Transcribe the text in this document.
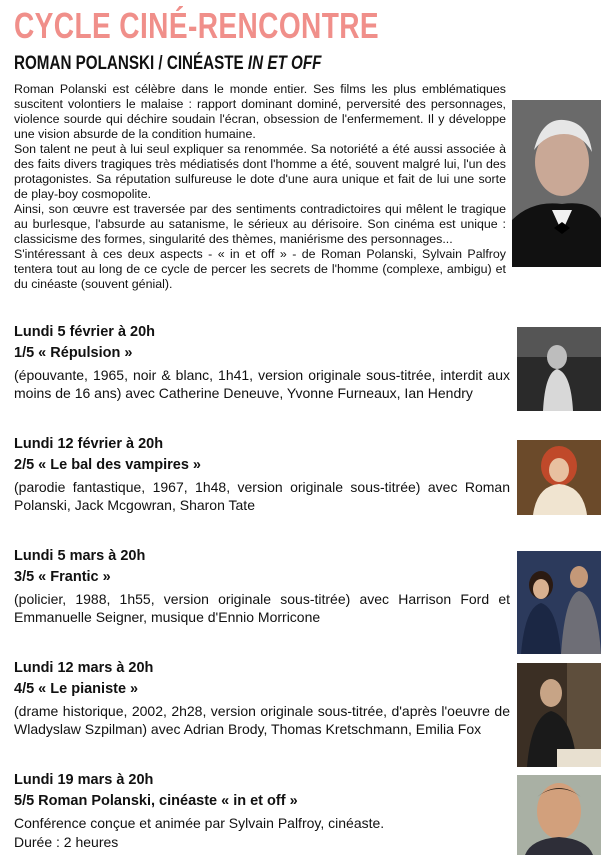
CYCLE CINÉ-RENCONTRE
ROMAN POLANSKI / CINÉASTE IN ET OFF

Roman Polanski est célèbre dans le monde entier. Ses films les plus emblématiques suscitent volontiers le malaise : rapport dominant dominé, perversité des personnages, violence sourde qui déchire soudain l'écran, obsession de l'enfermement. Il y développe une vision absurde de la condition humaine.

Son talent ne peut à lui seul expliquer sa renommée. Sa notoriété a été aussi associée à des faits divers tragiques très médiatisés dont l'homme a été, souvent malgré lui, l'un des protagonistes. Sa réputation sulfureuse le dote d'une aura unique et fait de lui une sorte de play-boy cosmopolite.

Ainsi, son œuvre est traversée par des sentiments contradictoires qui mêlent le tragique au burlesque, l'absurde au satanisme, le sérieux au dérisoire. Son cinéma est unique : classicisme des formes, singularité des thèmes, maniérisme des personnages...

S'intéressant à ces deux aspects - « in et off » - de Roman Polanski, Sylvain Palfroy tentera tout au long de ce cycle de percer les secrets de l'homme (complexe, ambigu) et du cinéaste (souvent génial).

Lundi 5 février à 20h
1/5 « Répulsion »
(épouvante, 1965, noir & blanc, 1h41, version originale sous-titrée, interdit aux moins de 16 ans) avec Catherine Deneuve, Yvonne Furneaux, Ian Hendry
Lundi 12 février à 20h
2/5 « Le bal des vampires »
(parodie fantastique, 1967, 1h48, version originale sous-titrée) avec Roman Polanski, Jack Mcgowran, Sharon Tate
Lundi 5 mars à 20h
3/5 « Frantic »
(policier, 1988, 1h55, version originale sous-titrée) avec Harrison Ford et Emmanuelle Seigner, musique d'Ennio Morricone
Lundi 12 mars à 20h
4/5 « Le pianiste »
(drame historique, 2002, 2h28, version originale sous-titrée, d'après l'oeuvre de Wladyslaw Szpilman) avec Adrian Brody, Thomas Kretschmann, Emilia Fox
Lundi 19 mars à 20h
5/5 Roman Polanski, cinéaste « in et off »
Conférence conçue et animée par Sylvain Palfroy, cinéaste.
Durée : 2 heures
